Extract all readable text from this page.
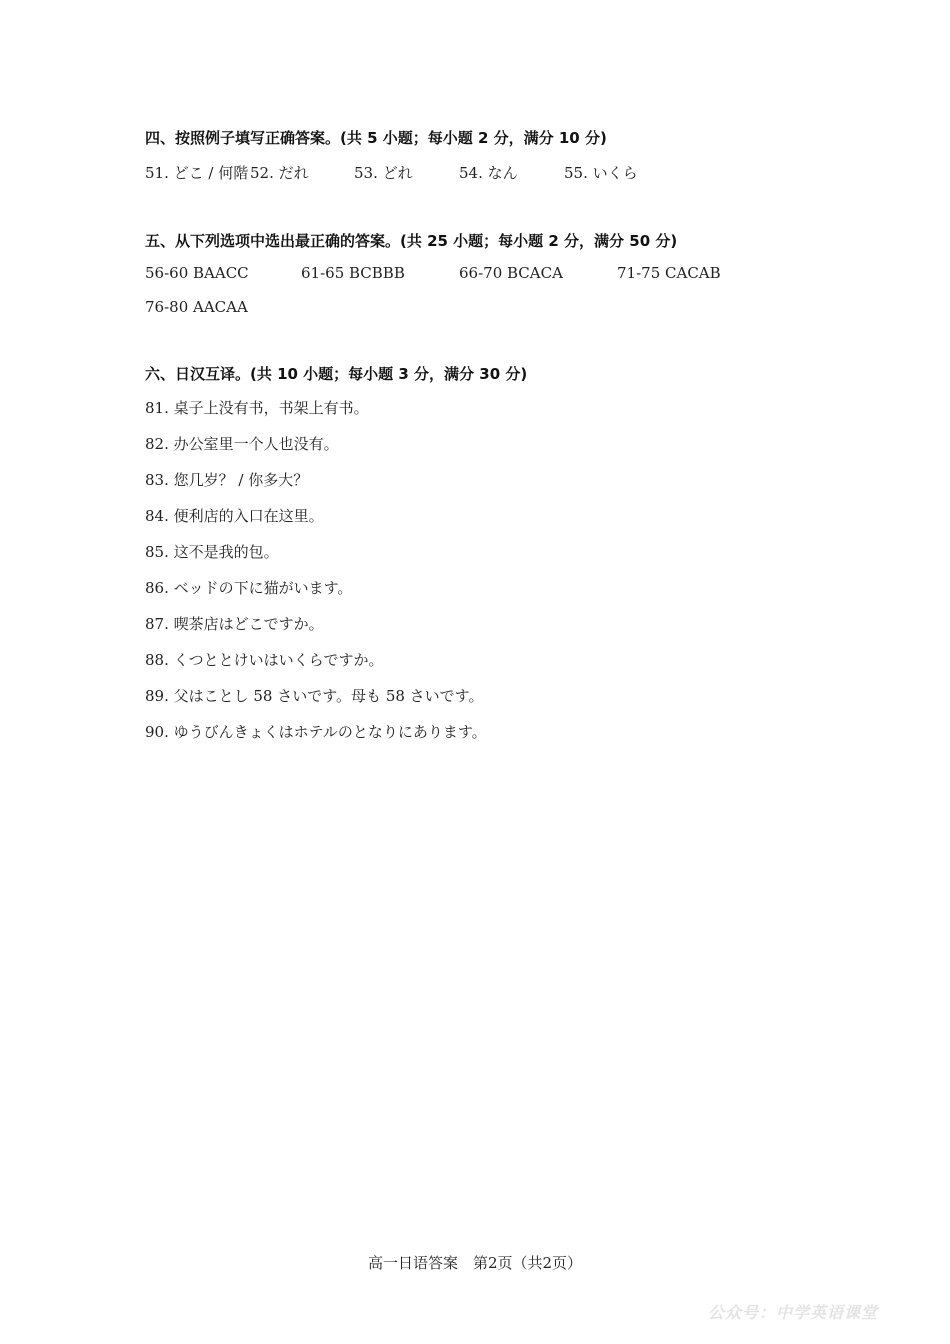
四、按照例子填写正确答案。(共 5 小题；每小题 2 分，满分 10 分)
51. どこ / 何階 52. だれ	53. どれ	54. なん	55. いくら
五、从下列选项中选出最正确的答案。(共 25 小题；每小题 2 分，满分 50 分)
56-60 BAACC	61-65 BCBBB	66-70 BCACA	71-75 CACAB
76-80 AACAA
六、日汉互译。(共 10 小题；每小题 3 分，满分 30 分)
81. 桌子上没有书，书架上有书。
82. 办公室里一个人也没有。
83. 您几岁？ / 你多大？
84. 便利店的入口在这里。
85. 这不是我的包。
86. ベッドの下に猫がいます。
87. 喫茶店はどこですか。
88. くつととけいはいくらですか。
89. 父はことし 58 さいです。母も 58 さいです。
90. ゆうびんきょくはホテルのとなりにあります。
高一日语答案　第2页（共2页）
公众号：中学英语课堂
